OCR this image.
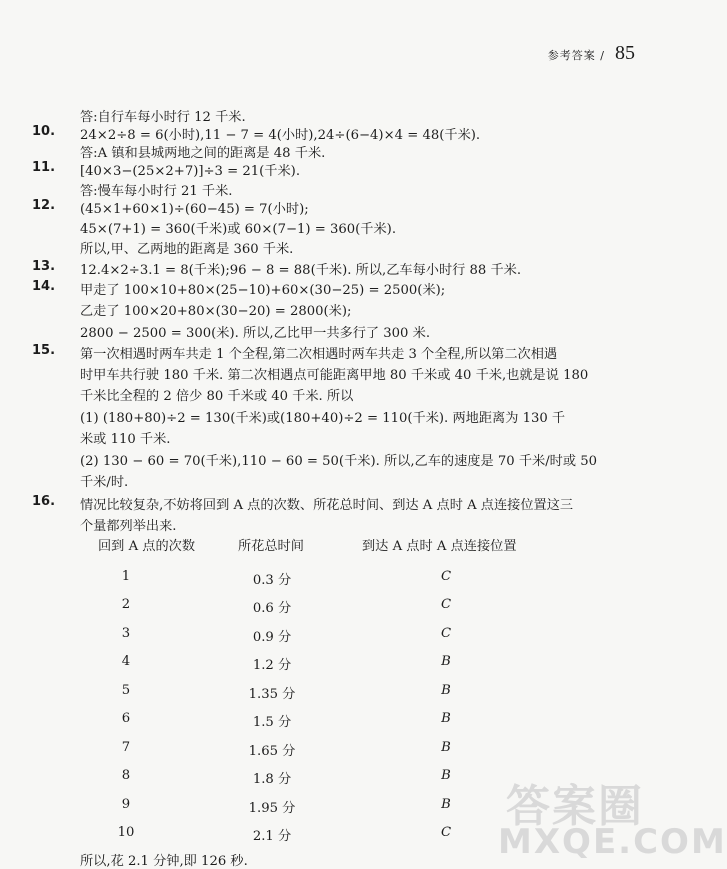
参考答案 / 85
答:自行车每小时行 12 千米.
10. 24×2÷8 = 6(小时),11 − 7 = 4(小时),24÷(6−4)×4 = 48(千米).
答:A 镇和县城两地之间的距离是 48 千米.
11. [40×3−(25×2+7)]÷3 = 21(千米).
答:慢车每小时行 21 千米.
12. (45×1+60×1)÷(60−45) = 7(小时);
45×(7+1) = 360(千米)或 60×(7−1) = 360(千米).
所以,甲、乙两地的距离是 360 千米.
13. 12.4×2÷3.1 = 8(千米);96 − 8 = 88(千米). 所以,乙车每小时行 88 千米.
14. 甲走了 100×10+80×(25−10)+60×(30−25) = 2500(米);
乙走了 100×20+80×(30−20) = 2800(米);
2800 − 2500 = 300(米). 所以,乙比甲一共多行了 300 米.
15. 第一次相遇时两车共走 1 个全程,第二次相遇时两车共走 3 个全程,所以第二次相遇
时甲车共行驶 180 千米. 第二次相遇点可能距离甲地 80 千米或 40 千米,也就是说 180
千米比全程的 2 倍少 80 千米或 40 千米. 所以
(1) (180+80)÷2 = 130(千米)或(180+40)÷2 = 110(千米). 两地距离为 130 千
米或 110 千米.
(2) 130 − 60 = 70(千米),110 − 60 = 50(千米). 所以,乙车的速度是 70 千米/时或 50
千米/时.
16. 情况比较复杂,不妨将回到 A 点的次数、所花总时间、到达 A 点时 A 点连接位置这三
个量都列举出来.
答案圈
MXQE.COM
回到 A 点的次数	所花总时间	到达 A 点时 A 点连接位置
1	0.3 分	C
2	0.6 分	C
3	0.9 分	C
4	1.2 分	B
5	1.35 分	B
6	1.5 分	B
7	1.65 分	B
8	1.8 分	B
9	1.95 分	B
10	2.1 分	C
所以,花 2.1 分钟,即 126 秒.
